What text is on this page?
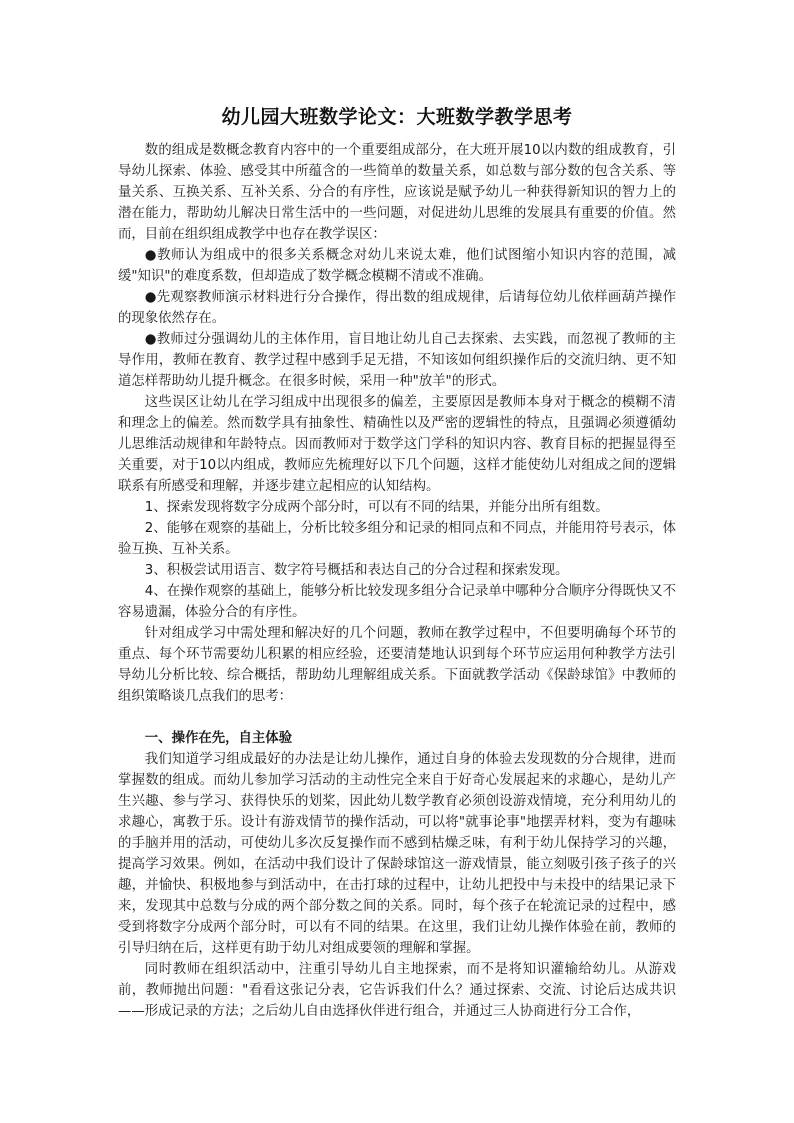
幼儿园大班数学论文：大班数学教学思考

数的组成是数概念教育内容中的一个重要组成部分，在大班开展10以内数的组成教育，引导幼儿探索、体验、感受其中所蕴含的一些简单的数量关系，如总数与部分数的包含关系、等量关系、互换关系、互补关系、分合的有序性，应该说是赋予幼儿一种获得新知识的智力上的潜在能力，帮助幼儿解决日常生活中的一些问题，对促进幼儿思维的发展具有重要的价值。然而，目前在组织组成教学中也存在教学误区：

●教师认为组成中的很多关系概念对幼儿来说太难，他们试图缩小知识内容的范围，减缓"知识"的难度系数，但却造成了数学概念模糊不清或不准确。

●先观察教师演示材料进行分合操作，得出数的组成规律，后请每位幼儿依样画葫芦操作的现象依然存在。

●教师过分强调幼儿的主体作用，盲目地让幼儿自己去探索、去实践，而忽视了教师的主导作用，教师在教育、教学过程中感到手足无措，不知该如何组织操作后的交流归纳、更不知道怎样帮助幼儿提升概念。在很多时候，采用一种"放羊"的形式。

这些误区让幼儿在学习组成中出现很多的偏差，主要原因是教师本身对于概念的模糊不清和理念上的偏差。然而数学具有抽象性、精确性以及严密的逻辑性的特点，且强调必须遵循幼儿思维活动规律和年龄特点。因而教师对于数学这门学科的知识内容、教育目标的把握显得至关重要，对于10以内组成，教师应先梳理好以下几个问题，这样才能使幼儿对组成之间的逻辑联系有所感受和理解，并逐步建立起相应的认知结构。

1、探索发现将数字分成两个部分时，可以有不同的结果，并能分出所有组数。

2、能够在观察的基础上，分析比较多组分和记录的相同点和不同点，并能用符号表示，体验互换、互补关系。

3、积极尝试用语言、数字符号概括和表达自己的分合过程和探索发现。

4、在操作观察的基础上，能够分析比较发现多组分合记录单中哪种分合顺序分得既快又不容易遗漏，体验分合的有序性。

针对组成学习中需处理和解决好的几个问题，教师在教学过程中，不但要明确每个环节的重点、每个环节需要幼儿积累的相应经验，还要清楚地认识到每个环节应运用何种教学方法引导幼儿分析比较、综合概括，帮助幼儿理解组成关系。下面就教学活动《保龄球馆》中教师的组织策略谈几点我们的思考：

一、操作在先，自主体验

我们知道学习组成最好的办法是让幼儿操作，通过自身的体验去发现数的分合规律，进而掌握数的组成。而幼儿参加学习活动的主动性完全来自于好奇心发展起来的求趣心，是幼儿产生兴趣、参与学习、获得快乐的划桨，因此幼儿数学教育必须创设游戏情境，充分利用幼儿的求趣心，寓教于乐。设计有游戏情节的操作活动，可以将"就事论事"地摆弄材料，变为有趣味的手脑并用的活动，可使幼儿多次反复操作而不感到枯燥乏味，有利于幼儿保持学习的兴趣，提高学习效果。例如，在活动中我们设计了保龄球馆这一游戏情景，能立刻吸引孩子孩子的兴趣，并愉快、积极地参与到活动中，在击打球的过程中，让幼儿把投中与未投中的结果记录下来，发现其中总数与分成的两个部分数之间的关系。同时，每个孩子在轮流记录的过程中，感受到将数字分成两个部分时，可以有不同的结果。在这里，我们让幼儿操作体验在前，教师的引导归纳在后，这样更有助于幼儿对组成要领的理解和掌握。

同时教师在组织活动中，注重引导幼儿自主地探索，而不是将知识灌输给幼儿。从游戏前，教师抛出问题："看看这张记分表，它告诉我们什么？通过探索、交流、讨论后达成共识——形成记录的方法；之后幼儿自由选择伙伴进行组合，并通过三人协商进行分工合作，
